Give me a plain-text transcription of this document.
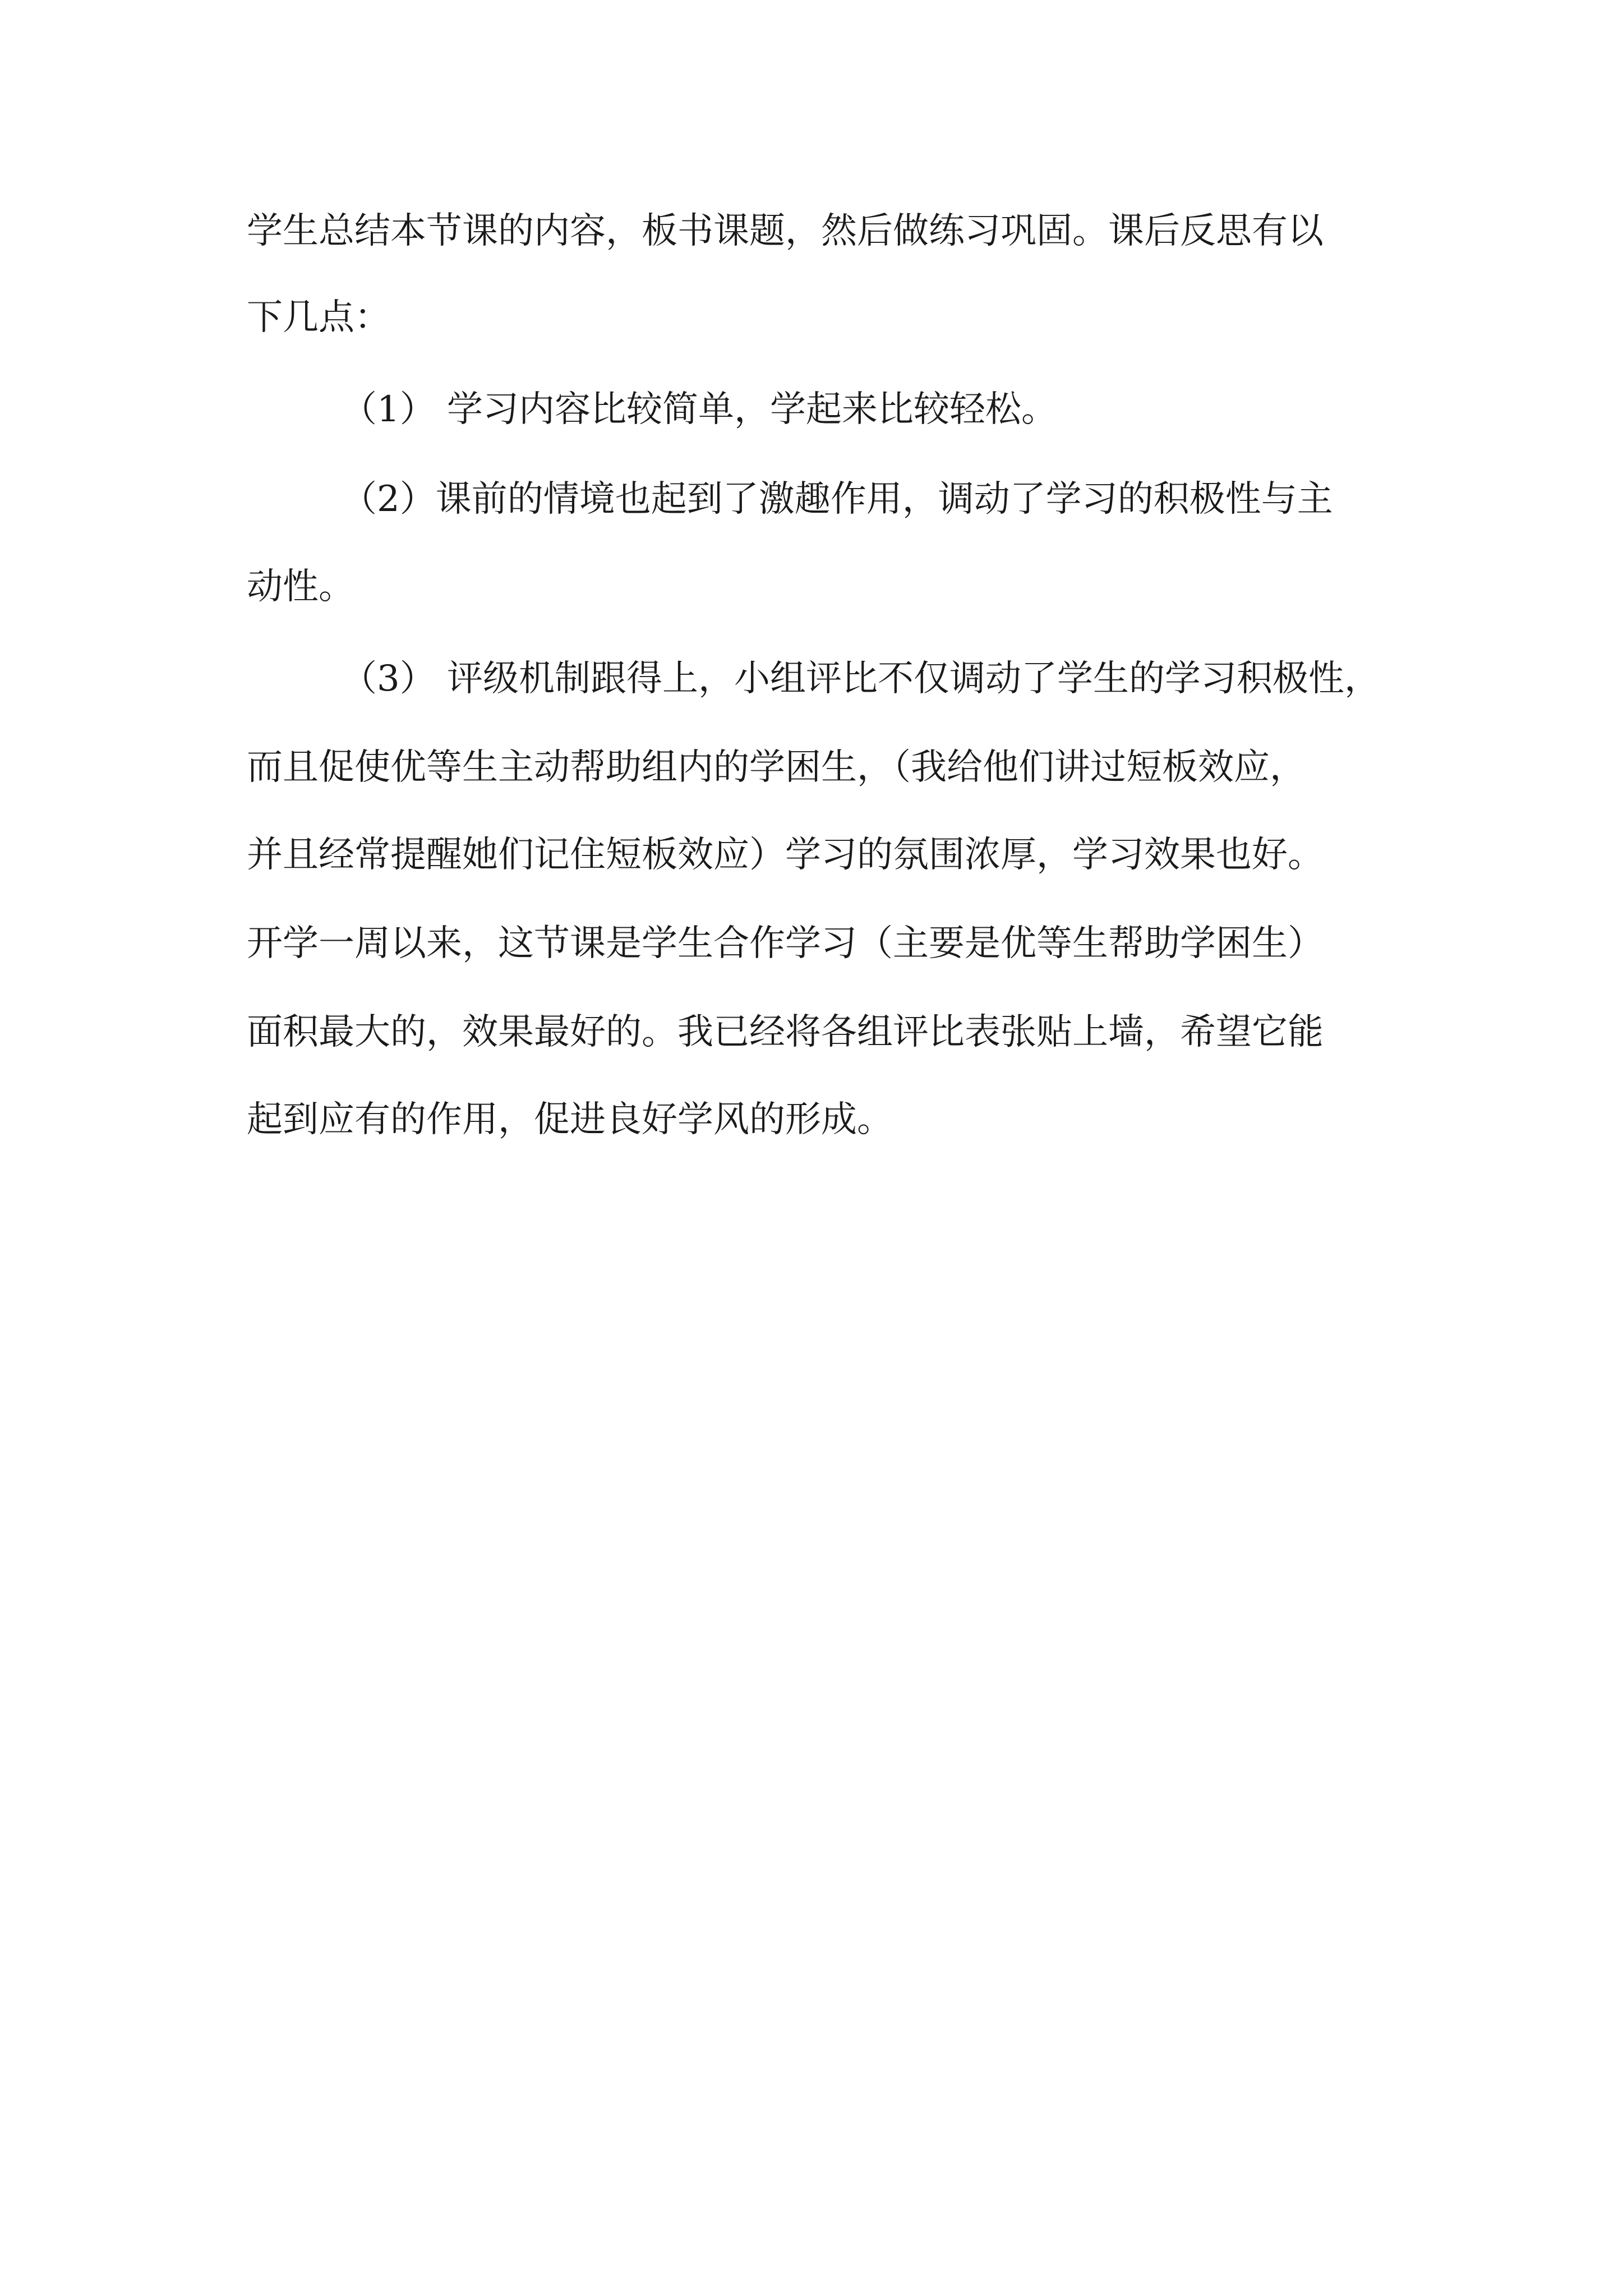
学生总结本节课的内容，板书课题，然后做练习巩固。课后反思有以
下几点：
（1） 学习内容比较简单，学起来比较轻松。
（2）课前的情境也起到了激趣作用，调动了学习的积极性与主
动性。
（3） 评级机制跟得上，小组评比不仅调动了学生的学习积极性，
而且促使优等生主动帮助组内的学困生，（我给他们讲过短板效应，
并且经常提醒她们记住短板效应）学习的氛围浓厚，学习效果也好。
开学一周以来，这节课是学生合作学习（主要是优等生帮助学困生）
面积最大的，效果最好的。我已经将各组评比表张贴上墙，希望它能
起到应有的作用，促进良好学风的形成。
